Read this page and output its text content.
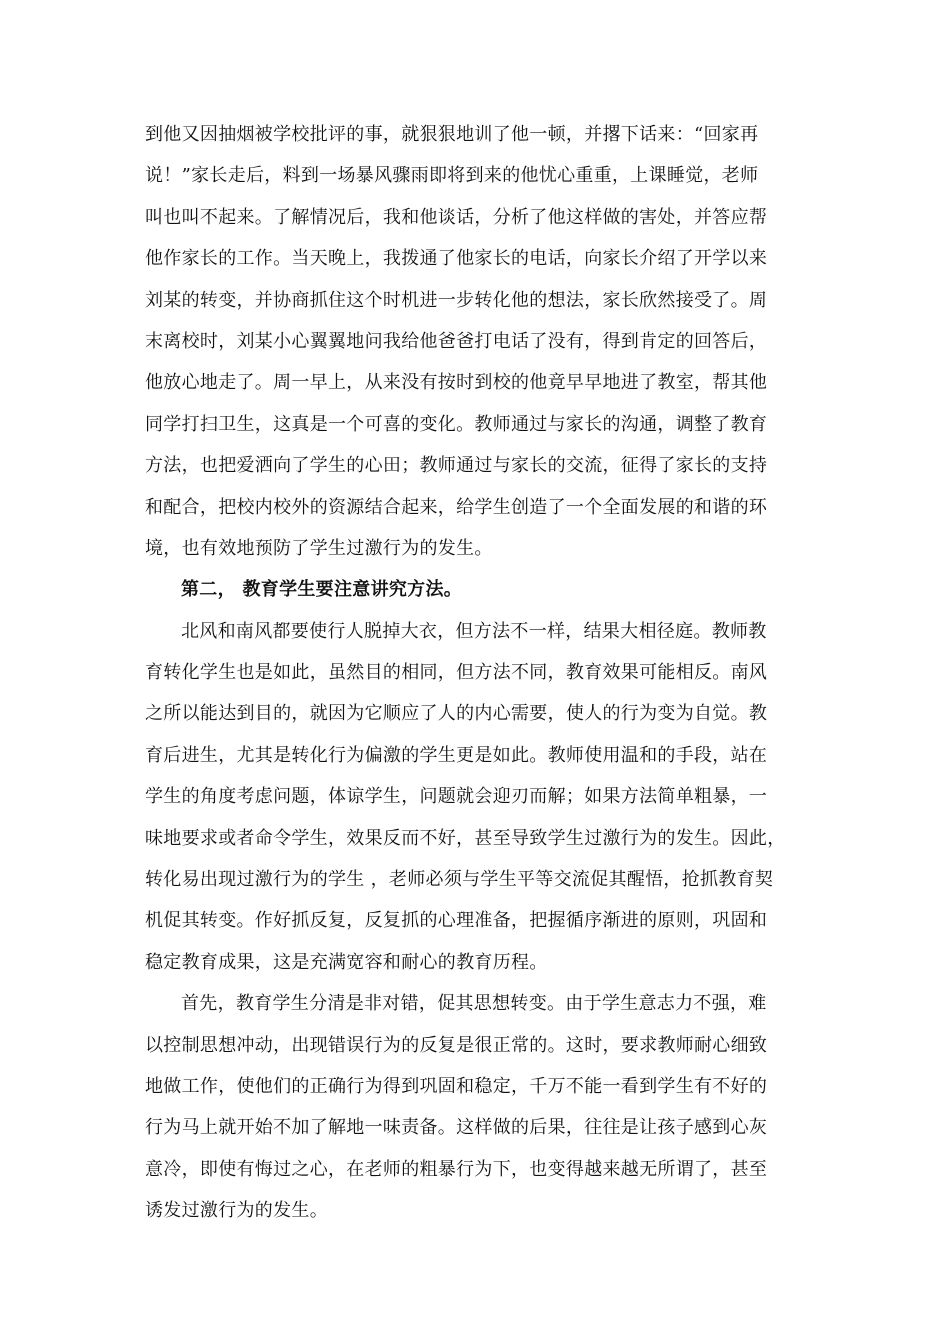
到他又因抽烟被学校批评的事，就狠狠地训了他一顿，并撂下话来：“回家再
说！”家长走后，料到一场暴风骤雨即将到来的他忧心重重，上课睡觉，老师
叫也叫不起来。了解情况后，我和他谈话，分析了他这样做的害处，并答应帮
他作家长的工作。当天晚上，我拨通了他家长的电话，向家长介绍了开学以来
刘某的转变，并协商抓住这个时机进一步转化他的想法，家长欣然接受了。周
末离校时，刘某小心翼翼地问我给他爸爸打电话了没有，得到肯定的回答后，
他放心地走了。周一早上，从来没有按时到校的他竟早早地进了教室，帮其他
同学打扫卫生，这真是一个可喜的变化。教师通过与家长的沟通，调整了教育
方法，也把爱洒向了学生的心田；教师通过与家长的交流，征得了家长的支持
和配合，把校内校外的资源结合起来，给学生创造了一个全面发展的和谐的环
境，也有效地预防了学生过激行为的发生。
第二， 教育学生要注意讲究方法。
北风和南风都要使行人脱掉大衣，但方法不一样，结果大相径庭。教师教
育转化学生也是如此，虽然目的相同，但方法不同，教育效果可能相反。南风
之所以能达到目的，就因为它顺应了人的内心需要，使人的行为变为自觉。教
育后进生，尤其是转化行为偏激的学生更是如此。教师使用温和的手段，站在
学生的角度考虑问题，体谅学生，问题就会迎刃而解；如果方法简单粗暴，一
味地要求或者命令学生，效果反而不好，甚至导致学生过激行为的发生。因此，
转化易出现过激行为的学生 ，老师必须与学生平等交流促其醒悟，抢抓教育契
机促其转变。作好抓反复，反复抓的心理准备，把握循序渐进的原则，巩固和
稳定教育成果，这是充满宽容和耐心的教育历程。
首先，教育学生分清是非对错，促其思想转变。由于学生意志力不强，难
以控制思想冲动，出现错误行为的反复是很正常的。这时，要求教师耐心细致
地做工作，使他们的正确行为得到巩固和稳定，千万不能一看到学生有不好的
行为马上就开始不加了解地一味责备。这样做的后果，往往是让孩子感到心灰
意冷，即使有悔过之心，在老师的粗暴行为下，也变得越来越无所谓了，甚至
诱发过激行为的发生。
